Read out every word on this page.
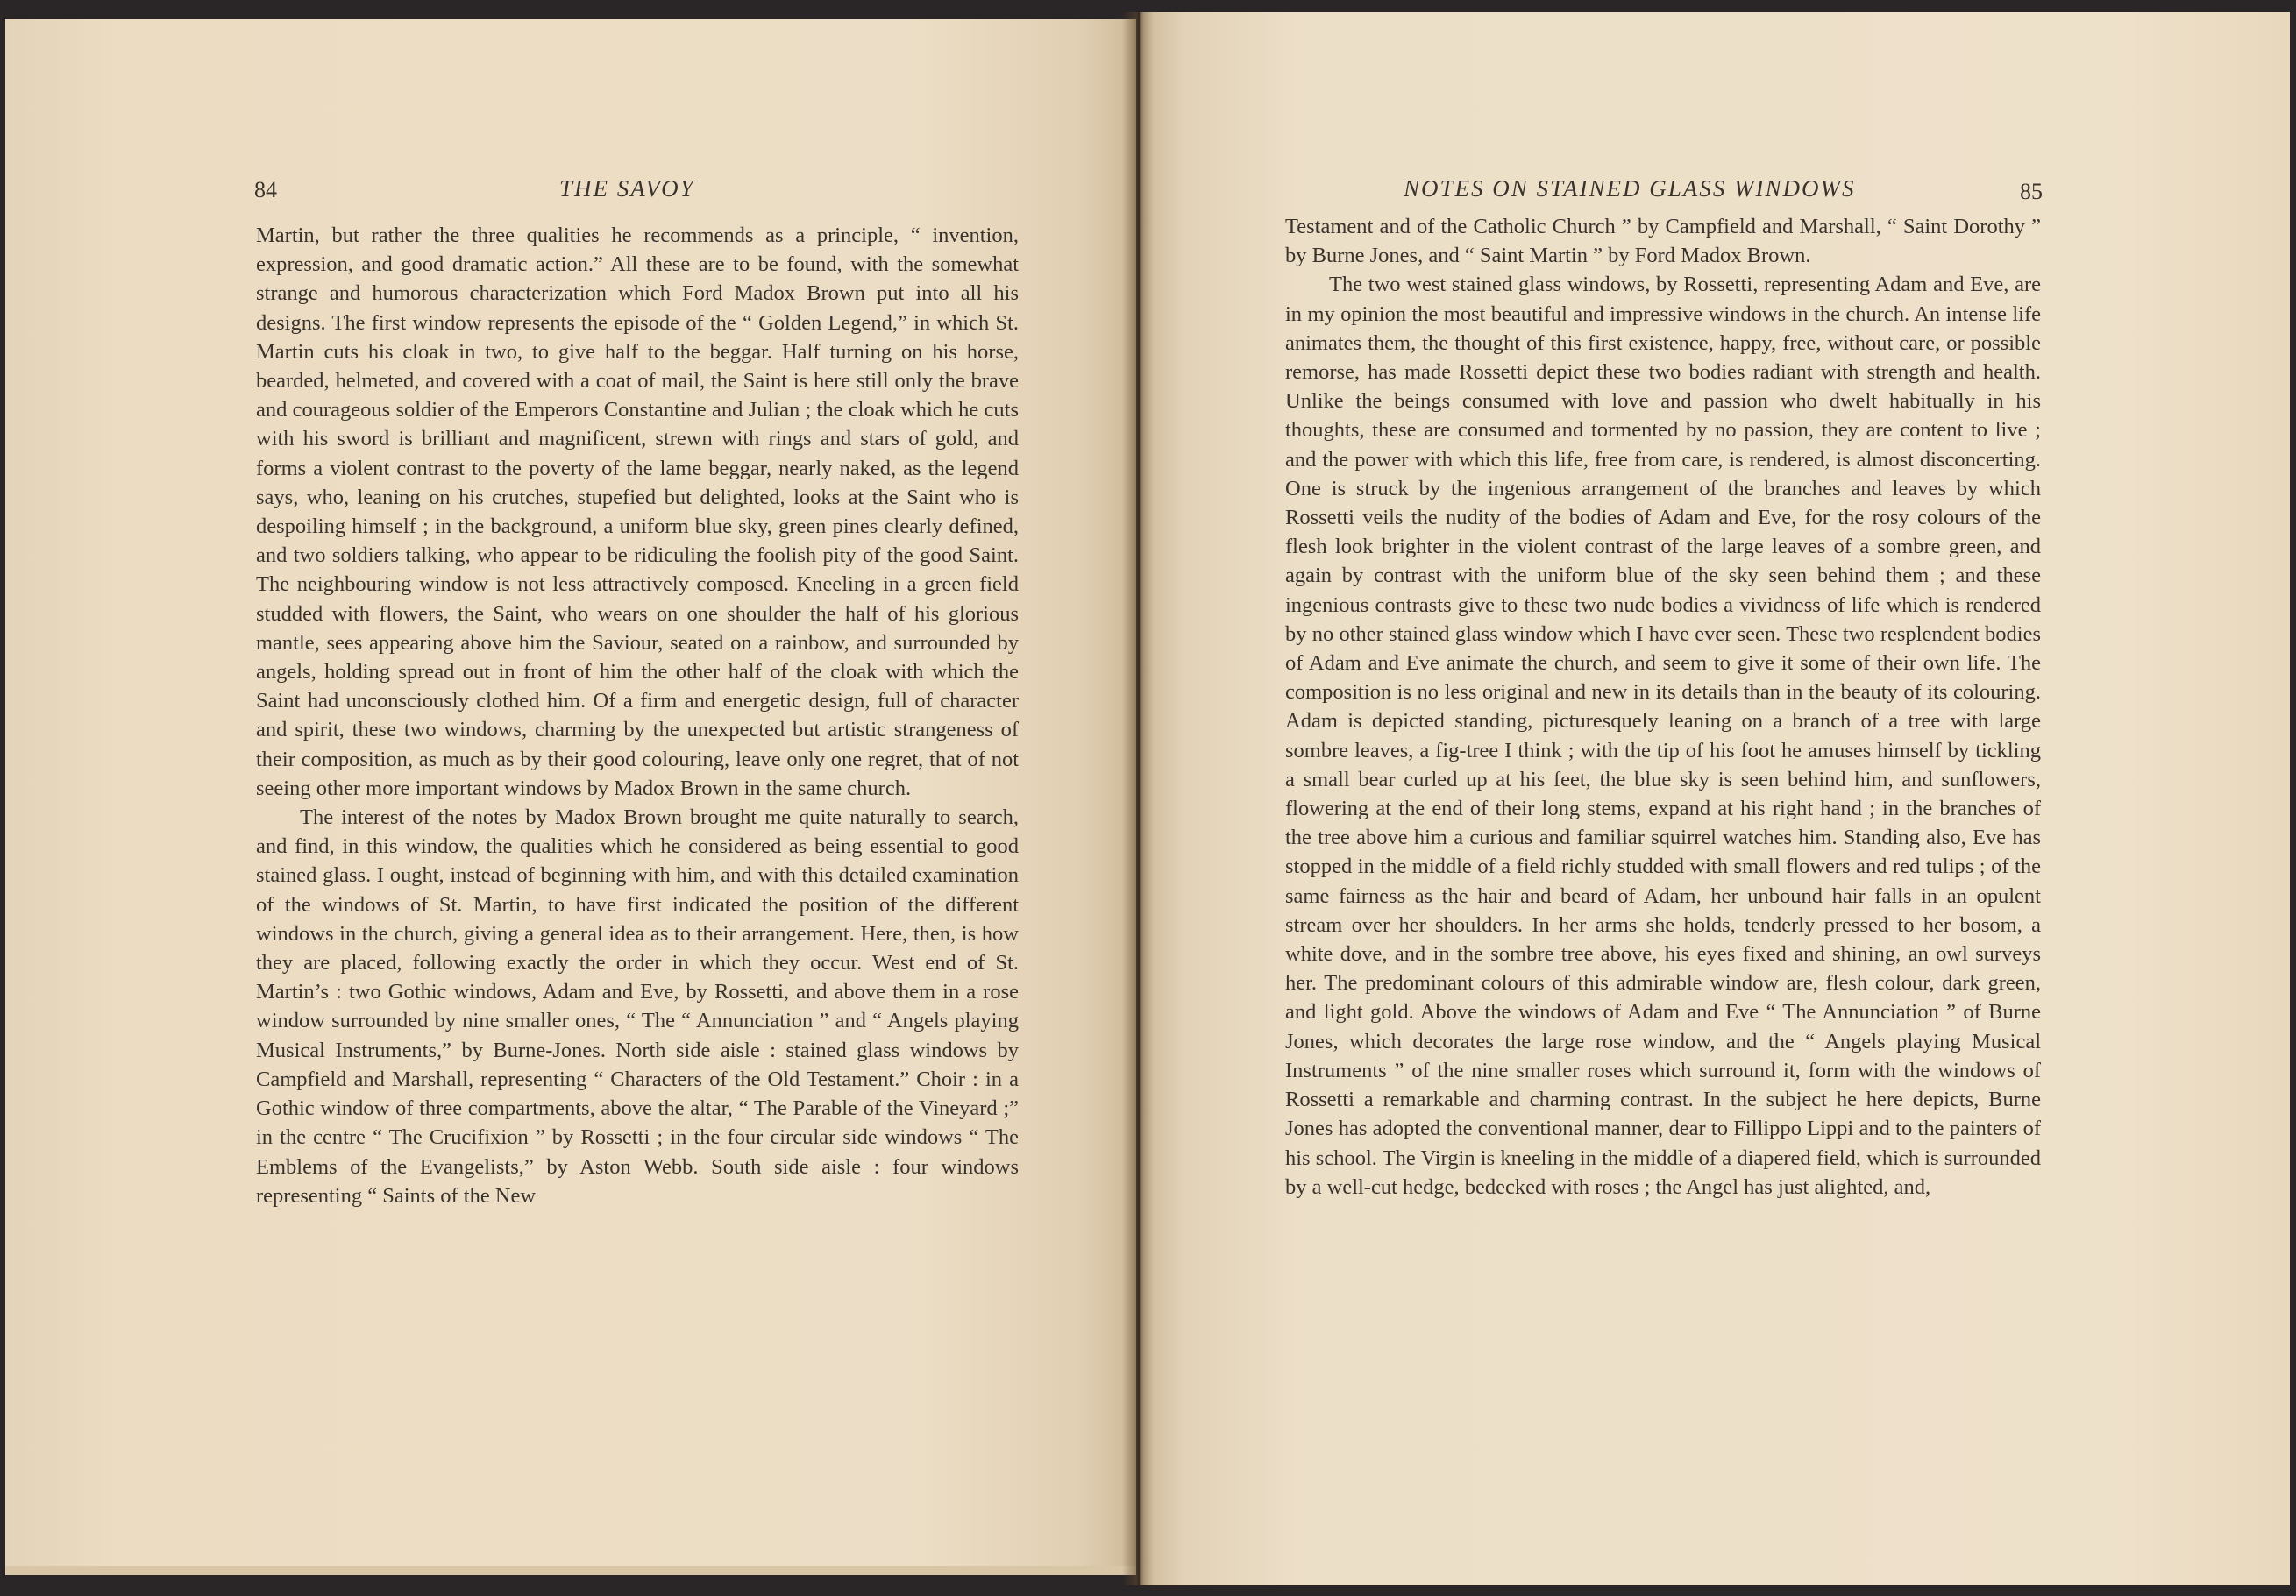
84	THE SAVOY

Martin, but rather the three qualities he recommends as a principle, “ invention, expression, and good dramatic action.” All these are to be found, with the somewhat strange and humorous characterization which Ford Madox Brown put into all his designs. The first window represents the episode of the “ Golden Legend,” in which St. Martin cuts his cloak in two, to give half to the beggar. Half turning on his horse, bearded, helmeted, and covered with a coat of mail, the Saint is here still only the brave and courageous soldier of the Emperors Constantine and Julian ; the cloak which he cuts with his sword is brilliant and magnificent, strewn with rings and stars of gold, and forms a violent contrast to the poverty of the lame beggar, nearly naked, as the legend says, who, leaning on his crutches, stupefied but delighted, looks at the Saint who is despoiling himself ; in the background, a uniform blue sky, green pines clearly defined, and two soldiers talking, who appear to be ridiculing the foolish pity of the good Saint. The neighbouring window is not less attractively composed. Kneeling in a green field studded with flowers, the Saint, who wears on one shoulder the half of his glorious mantle, sees appearing above him the Saviour, seated on a rainbow, and surrounded by angels, holding spread out in front of him the other half of the cloak with which the Saint had unconsciously clothed him. Of a firm and energetic design, full of character and spirit, these two windows, charming by the unexpected but artistic strangeness of their composition, as much as by their good colouring, leave only one regret, that of not seeing other more important windows by Madox Brown in the same church.

The interest of the notes by Madox Brown brought me quite naturally to search, and find, in this window, the qualities which he considered as being essential to good stained glass. I ought, instead of beginning with him, and with this detailed examination of the windows of St. Martin, to have first indicated the position of the different windows in the church, giving a general idea as to their arrangement. Here, then, is how they are placed, following exactly the order in which they occur. West end of St. Martin’s : two Gothic windows, Adam and Eve, by Rossetti, and above them in a rose window surrounded by nine smaller ones, “ The “ Annunciation ” and “ Angels playing Musical Instruments,” by Burne-Jones. North side aisle : stained glass windows by Campfield and Marshall, representing “ Characters of the Old Testament.” Choir : in a Gothic window of three compartments, above the altar, “ The Parable of the Vineyard ;” in the centre “ The Crucifixion ” by Rossetti ; in the four circular side windows “ The Emblems of the Evangelists,” by Aston Webb. South side aisle : four windows representing “ Saints of the New

NOTES ON STAINED GLASS WINDOWS	85

Testament and of the Catholic Church ” by Campfield and Marshall, “ Saint Dorothy ” by Burne Jones, and “ Saint Martin ” by Ford Madox Brown.

The two west stained glass windows, by Rossetti, representing Adam and Eve, are in my opinion the most beautiful and impressive windows in the church. An intense life animates them, the thought of this first existence, happy, free, without care, or possible remorse, has made Rossetti depict these two bodies radiant with strength and health. Unlike the beings consumed with love and passion who dwelt habitually in his thoughts, these are consumed and tormented by no passion, they are content to live ; and the power with which this life, free from care, is rendered, is almost disconcerting. One is struck by the ingenious arrangement of the branches and leaves by which Rossetti veils the nudity of the bodies of Adam and Eve, for the rosy colours of the flesh look brighter in the violent contrast of the large leaves of a sombre green, and again by contrast with the uniform blue of the sky seen behind them ; and these ingenious contrasts give to these two nude bodies a vividness of life which is rendered by no other stained glass window which I have ever seen. These two resplendent bodies of Adam and Eve animate the church, and seem to give it some of their own life. The composition is no less original and new in its details than in the beauty of its colouring. Adam is depicted standing, picturesquely leaning on a branch of a tree with large sombre leaves, a fig-tree I think ; with the tip of his foot he amuses himself by tickling a small bear curled up at his feet, the blue sky is seen behind him, and sunflowers, flowering at the end of their long stems, expand at his right hand ; in the branches of the tree above him a curious and familiar squirrel watches him. Standing also, Eve has stopped in the middle of a field richly studded with small flowers and red tulips ; of the same fairness as the hair and beard of Adam, her unbound hair falls in an opulent stream over her shoulders. In her arms she holds, tenderly pressed to her bosom, a white dove, and in the sombre tree above, his eyes fixed and shining, an owl surveys her. The predominant colours of this admirable window are, flesh colour, dark green, and light gold. Above the windows of Adam and Eve “ The Annunciation ” of Burne Jones, which decorates the large rose window, and the “ Angels playing Musical Instruments ” of the nine smaller roses which surround it, form with the windows of Rossetti a remarkable and charming contrast. In the subject he here depicts, Burne Jones has adopted the conventional manner, dear to Fillippo Lippi and to the painters of his school. The Virgin is kneeling in the middle of a diapered field, which is surrounded by a well-cut hedge, bedecked with roses ; the Angel has just alighted, and,
